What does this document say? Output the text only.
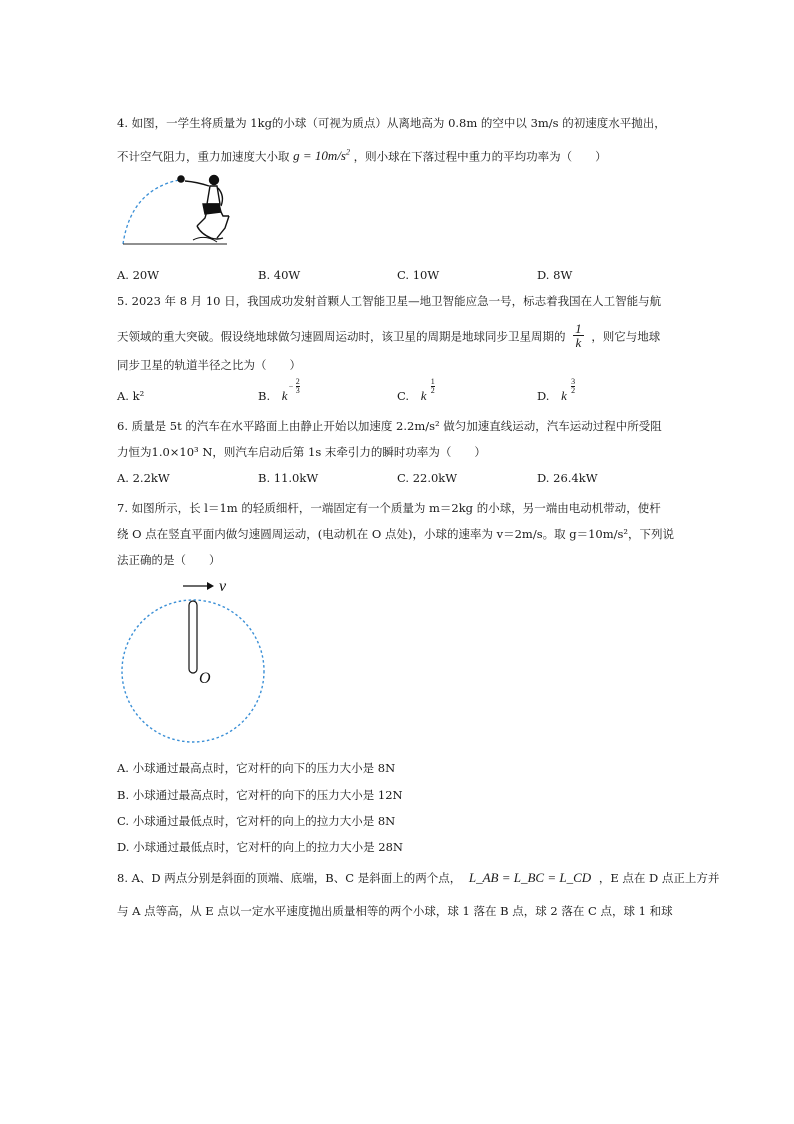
4. 如图，一学生将质量为 1kg的小球（可视为质点）从离地高为 0.8m 的空中以 3m/s 的初速度水平抛出，
不计空气阻力，重力加速度大小取 $g = 10m/s^2$ ，则小球在下落过程中重力的平均功率为（　　）
A. 20W	B. 40W	C. 10W	D. 8W
5. 2023 年 8 月 10 日，我国成功发射首颗人工智能卫星—地卫智能应急一号，标志着我国在人工智能与航
天领域的重大突破。假设绕地球做匀速圆周运动时，该卫星的周期是地球同步卫星周期的 $\frac{1}{k}$ ，则它与地球
同步卫星的轨道半径之比为（　　）
A. k²	B. k
−
2
3	C. k
$\frac{1}{2}$
D. k
$\frac{3}{2}$
6. 质量是 5t 的汽车在水平路面上由静止开始以加速度 2.2m/s² 做匀加速直线运动，汽车运动过程中所受阻
力恒为1.0×10³ N，则汽车启动后第 1s 末牵引力的瞬时功率为（　　）
A. 2.2kW	B. 11.0kW	C. 22.0kW	D. 26.4kW
7. 如图所示，长 l＝1m 的轻质细杆，一端固定有一个质量为 m＝2kg 的小球，另一端由电动机带动，使杆
绕 O 点在竖直平面内做匀速圆周运动，(电动机在 O 点处)，小球的速率为 v＝2m/s。取 g＝10m/s²，下列说
法正确的是（　　）
v
O
A. 小球通过最高点时，它对杆的向下的压力大小是 8N
B. 小球通过最高点时，它对杆的向下的压力大小是 12N
C. 小球通过最低点时，它对杆的向上的拉力大小是 8N
D. 小球通过最低点时，它对杆的向上的拉力大小是 28N
8. A、D 两点分别是斜面的顶端、底端，B、C 是斜面上的两个点， L_AB = L_BC = L_CD ，E 点在 D 点正上方并
与 A 点等高，从 E 点以一定水平速度抛出质量相等的两个小球，球 1 落在 B 点，球 2 落在 C 点，球 1 和球
